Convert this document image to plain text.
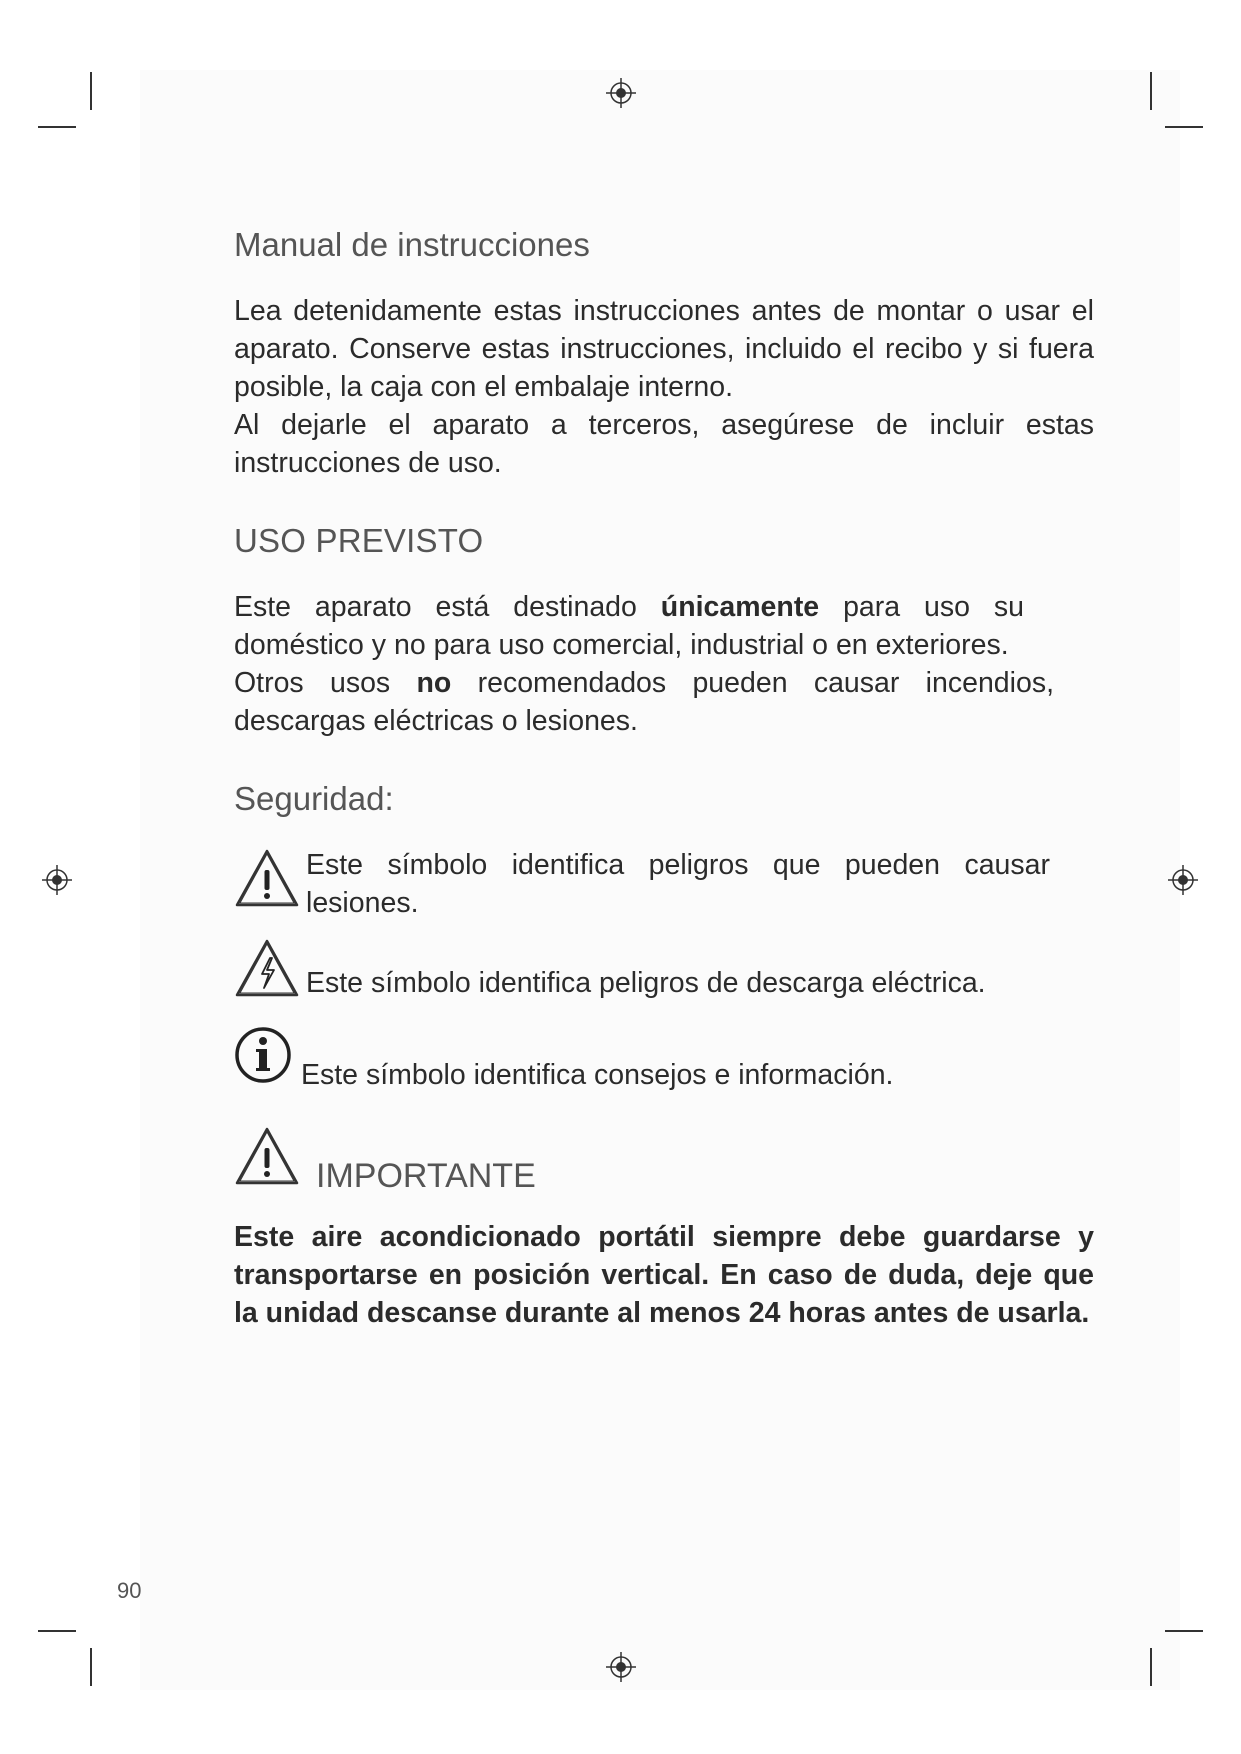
Manual de instrucciones

Lea detenidamente estas instrucciones antes de montar o usar el aparato. Conserve estas instrucciones, incluido el recibo y si fuera posible, la caja con el embalaje interno.

Al dejarle el aparato a terceros, asegúrese de incluir estas instrucciones de uso.

USO PREVISTO

Este aparato está destinado únicamente para uso su doméstico y no para uso comercial, industrial o en exteriores.

Otros usos no recomendados pueden causar incendios, descargas eléctricas o lesiones.

Seguridad:
Este símbolo identifica peligros que pueden causar lesiones.
Este símbolo identifica peligros de descarga eléctrica.
Este símbolo identifica consejos e información.
IMPORTANTE

Este aire acondicionado portátil siempre debe guardarse y transportarse en posición vertical. En caso de duda, deje que la unidad descanse durante al menos 24 horas antes de usarla.

90
